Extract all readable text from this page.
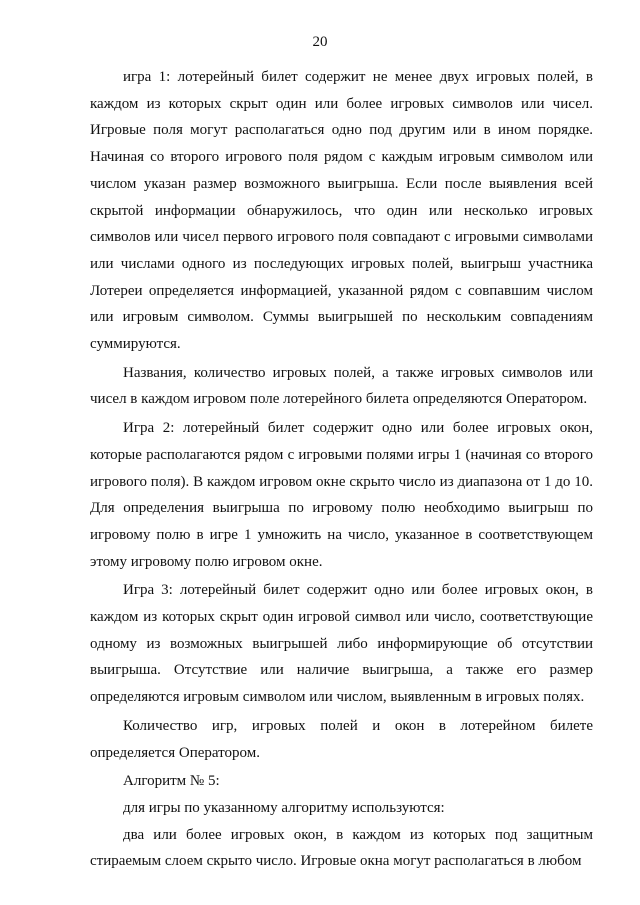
20

игра 1: лотерейный билет содержит не менее двух игровых полей, в каждом из которых скрыт один или более игровых символов или чисел. Игровые поля могут располагаться одно под другим или в ином порядке. Начиная со второго игрового поля рядом с каждым игровым символом или числом указан размер возможного выигрыша. Если после выявления всей скрытой информации обнаружилось, что один или несколько игровых символов или чисел первого игрового поля совпадают с игровыми символами или числами одного из последующих игровых полей, выигрыш участника Лотереи определяется информацией, указанной рядом с совпавшим числом или игровым символом. Суммы выигрышей по нескольким совпадениям суммируются.

Названия, количество игровых полей, а также игровых символов или чисел в каждом игровом поле лотерейного билета определяются Оператором.

Игра 2: лотерейный билет содержит одно или более игровых окон, которые располагаются рядом с игровыми полями игры 1 (начиная со второго игрового поля). В каждом игровом окне скрыто число из диапазона от 1 до 10. Для определения выигрыша по игровому полю необходимо выигрыш по игровому полю в игре 1 умножить на число, указанное в соответствующем этому игровому полю игровом окне.

Игра 3: лотерейный билет содержит одно или более игровых окон, в каждом из которых скрыт один игровой символ или число, соответствующие одному из возможных выигрышей либо информирующие об отсутствии выигрыша. Отсутствие или наличие выигрыша, а также его размер определяются игровым символом или числом, выявленным в игровых полях.

Количество игр, игровых полей и окон в лотерейном билете определяется Оператором.

Алгоритм № 5:

для игры по указанному алгоритму используются:

два или более игровых окон, в каждом из которых под защитным стираемым слоем скрыто число. Игровые окна могут располагаться в любом
